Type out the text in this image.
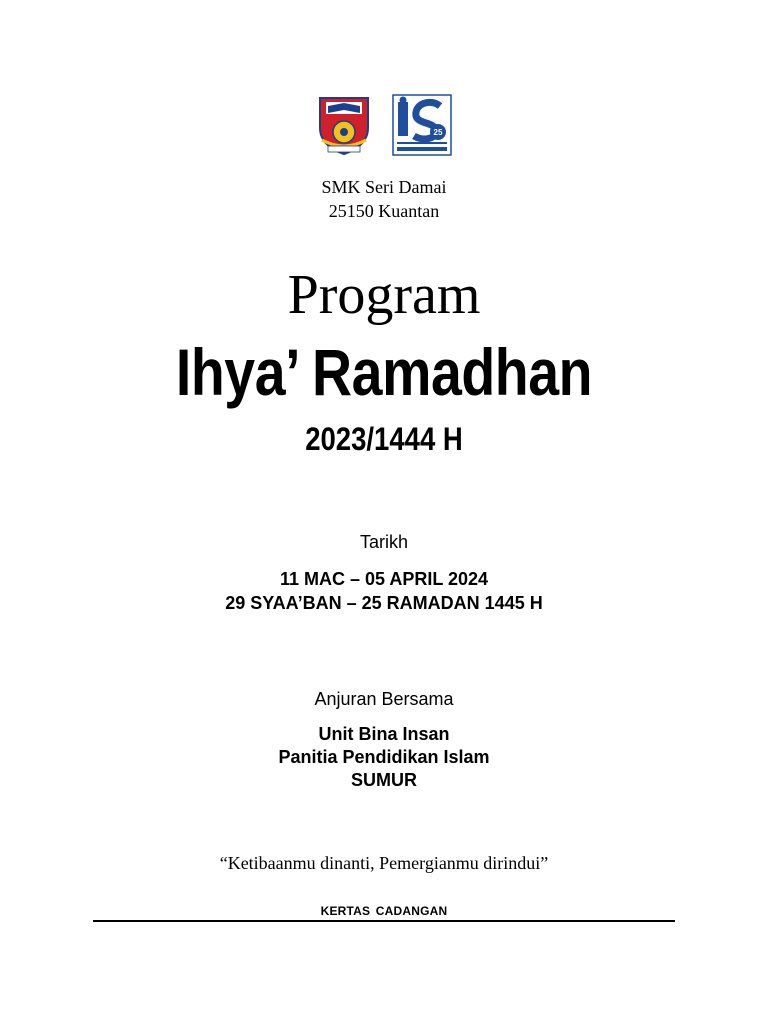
25
SMK Seri Damai
25150 Kuantan
Program
Ihya’ Ramadhan
2023/1444 H
Tarikh
11 MAC – 05 APRIL 2024
29 SYAA’BAN – 25 RAMADAN 1445 H
Anjuran Bersama
Unit Bina Insan
Panitia Pendidikan Islam
SUMUR
“Ketibaanmu dinanti, Pemergianmu dirindui”
KERTAS CADANGAN
